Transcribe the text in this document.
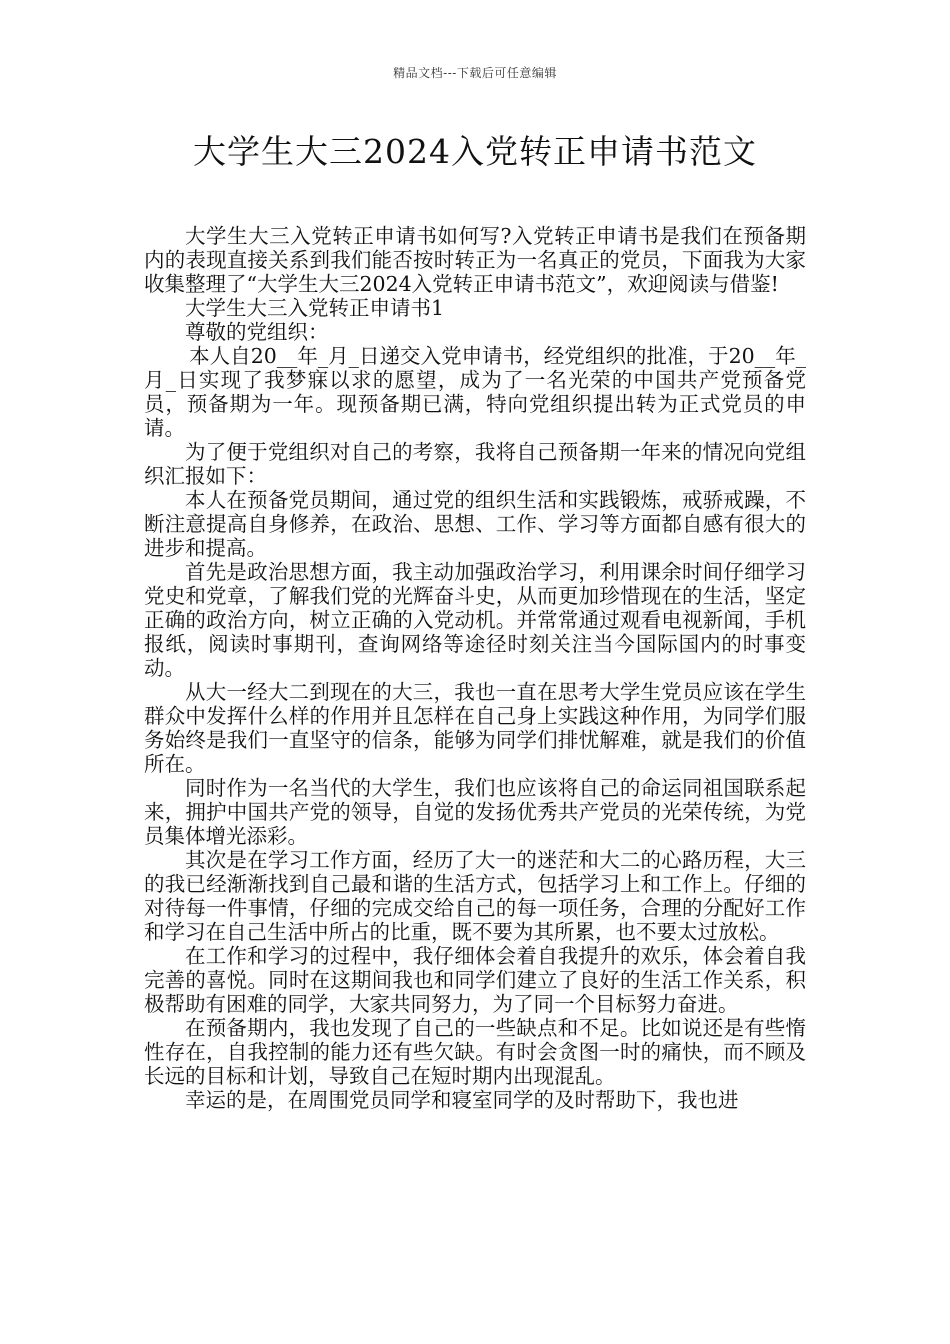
精品文档---下载后可任意编辑
大学生大三2024入党转正申请书范文

大学生大三入党转正申请书如何写?入党转正申请书是我们在预备期内的表现直接关系到我们能否按时转正为一名真正的党员，下面我为大家收集整理了“大学生大三2024入党转正申请书范文”，欢迎阅读与借鉴!

大学生大三入党转正申请书1

尊敬的党组织：

本人自20__年_月_日递交入党申请书，经党组织的批准，于20__年_月_日实现了我梦寐以求的愿望，成为了一名光荣的中国共产党预备党员，预备期为一年。现预备期已满，特向党组织提出转为正式党员的申请。

为了便于党组织对自己的考察，我将自己预备期一年来的情况向党组织汇报如下：

本人在预备党员期间，通过党的组织生活和实践锻炼，戒骄戒躁，不断注意提高自身修养，在政治、思想、工作、学习等方面都自感有很大的进步和提高。

首先是政治思想方面，我主动加强政治学习，利用课余时间仔细学习党史和党章，了解我们党的光辉奋斗史，从而更加珍惜现在的生活，坚定正确的政治方向，树立正确的入党动机。并常常通过观看电视新闻，手机报纸，阅读时事期刊，查询网络等途径时刻关注当今国际国内的时事变动。

从大一经大二到现在的大三，我也一直在思考大学生党员应该在学生群众中发挥什么样的作用并且怎样在自己身上实践这种作用，为同学们服务始终是我们一直坚守的信条，能够为同学们排忧解难，就是我们的价值所在。

同时作为一名当代的大学生，我们也应该将自己的命运同祖国联系起来，拥护中国共产党的领导，自觉的发扬优秀共产党员的光荣传统，为党员集体增光添彩。

其次是在学习工作方面，经历了大一的迷茫和大二的心路历程，大三的我已经渐渐找到自己最和谐的生活方式，包括学习上和工作上。仔细的对待每一件事情，仔细的完成交给自己的每一项任务，合理的分配好工作和学习在自己生活中所占的比重，既不要为其所累，也不要太过放松。

在工作和学习的过程中，我仔细体会着自我提升的欢乐，体会着自我完善的喜悦。同时在这期间我也和同学们建立了良好的生活工作关系，积极帮助有困难的同学，大家共同努力，为了同一个目标努力奋进。

在预备期内，我也发现了自己的一些缺点和不足。比如说还是有些惰性存在，自我控制的能力还有些欠缺。有时会贪图一时的痛快，而不顾及长远的目标和计划，导致自己在短时期内出现混乱。

幸运的是，在周围党员同学和寝室同学的及时帮助下，我也进
